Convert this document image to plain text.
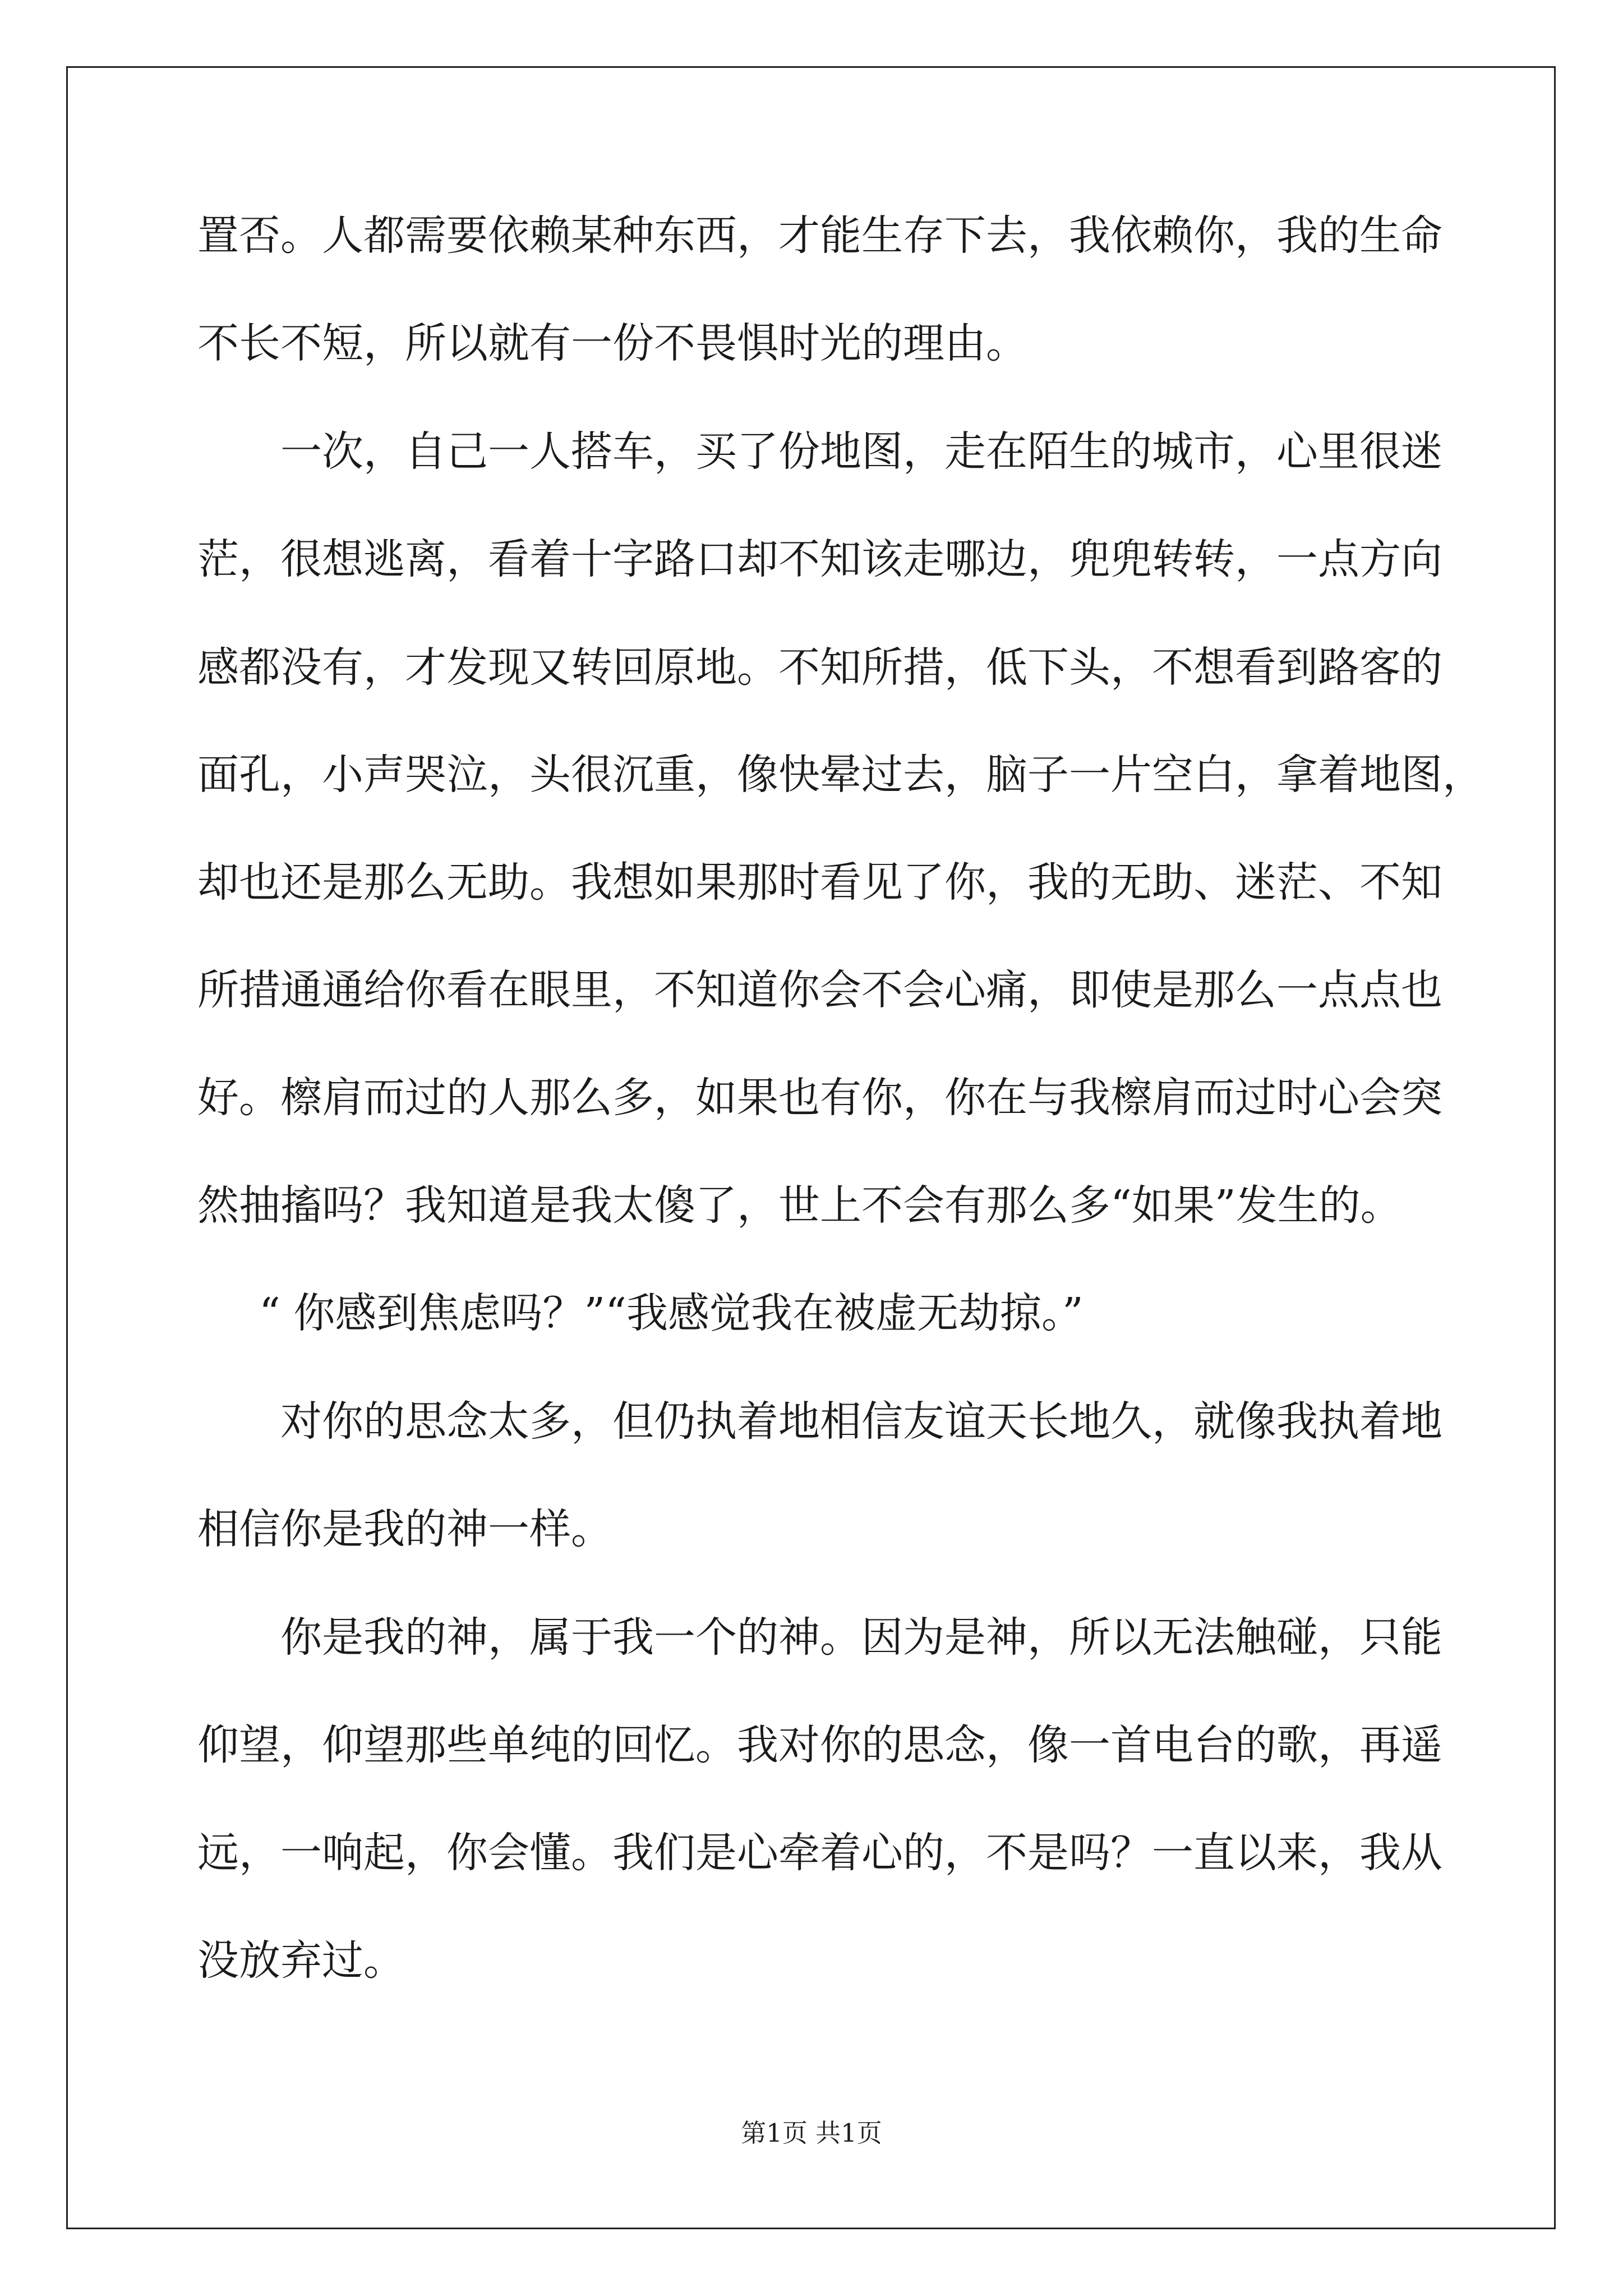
置否。人都需要依赖某种东西，才能生存下去，我依赖你，我的生命
不长不短，所以就有一份不畏惧时光的理由。
一次，自己一人搭车，买了份地图，走在陌生的城市，心里很迷
茫，很想逃离，看着十字路口却不知该走哪边，兜兜转转，一点方向
感都没有，才发现又转回原地。不知所措，低下头，不想看到路客的
面孔，小声哭泣，头很沉重，像快晕过去，脑子一片空白，拿着地图，
却也还是那么无助。我想如果那时看见了你，我的无助、迷茫、不知
所措通通给你看在眼里，不知道你会不会心痛，即使是那么一点点也
好。檫肩而过的人那么多，如果也有你，你在与我檫肩而过时心会突
然抽搐吗？我知道是我太傻了，世上不会有那么多“如果”发生的。
“ 你感到焦虑吗？”“我感觉我在被虚无劫掠。”
对你的思念太多，但仍执着地相信友谊天长地久，就像我执着地
相信你是我的神一样。
你是我的神，属于我一个的神。因为是神，所以无法触碰，只能
仰望，仰望那些单纯的回忆。我对你的思念，像一首电台的歌，再遥
远，一响起，你会懂。我们是心牵着心的，不是吗？一直以来，我从
没放弃过。
第1页 共1页
